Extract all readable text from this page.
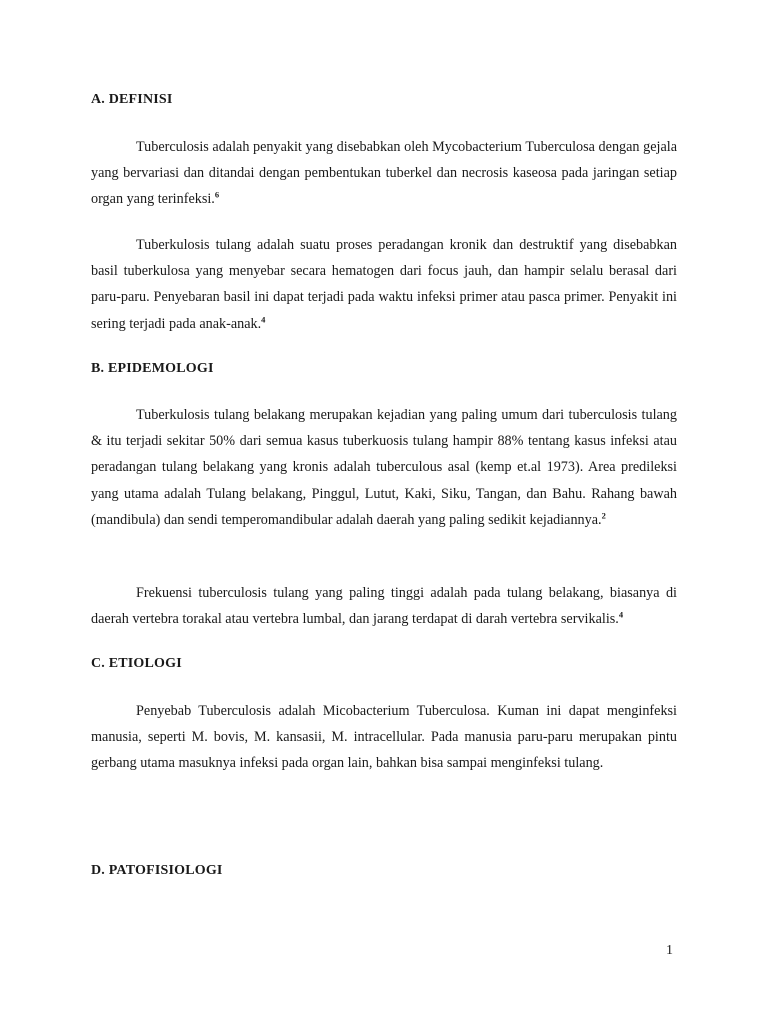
A. DEFINISI

Tuberculosis adalah penyakit yang disebabkan oleh Mycobacterium Tuberculosa dengan gejala yang bervariasi dan ditandai dengan pembentukan tuberkel dan necrosis kaseosa pada jaringan setiap organ yang terinfeksi.$^6$

Tuberkulosis tulang adalah suatu proses peradangan kronik dan destruktif yang disebabkan basil tuberkulosa yang menyebar secara hematogen dari focus jauh, dan hampir selalu berasal dari paru-paru. Penyebaran basil ini dapat terjadi pada waktu infeksi primer atau pasca primer. Penyakit ini sering terjadi pada anak-anak.$^4$

B. EPIDEMOLOGI

Tuberkulosis tulang belakang merupakan kejadian yang paling umum dari tuberculosis tulang & itu terjadi sekitar 50% dari semua kasus tuberkuosis tulang hampir 88% tentang kasus infeksi atau peradangan tulang belakang yang kronis adalah tuberculous asal (kemp et.al 1973). Area predileksi yang utama adalah Tulang belakang, Pinggul, Lutut, Kaki, Siku, Tangan, dan Bahu. Rahang bawah (mandibula) dan sendi temperomandibular adalah daerah yang paling sedikit kejadiannya.$^2$

Frekuensi tuberculosis tulang yang paling tinggi adalah pada tulang belakang, biasanya di daerah vertebra torakal atau vertebra lumbal, dan jarang terdapat di darah vertebra servikalis.$^4$

C. ETIOLOGI

Penyebab Tuberculosis adalah Micobacterium Tuberculosa. Kuman ini dapat menginfeksi manusia, seperti M. bovis, M. kansasii, M. intracellular. Pada manusia paru-paru merupakan pintu gerbang utama masuknya infeksi pada organ lain, bahkan bisa sampai menginfeksi tulang.

D. PATOFISIOLOGI
1
